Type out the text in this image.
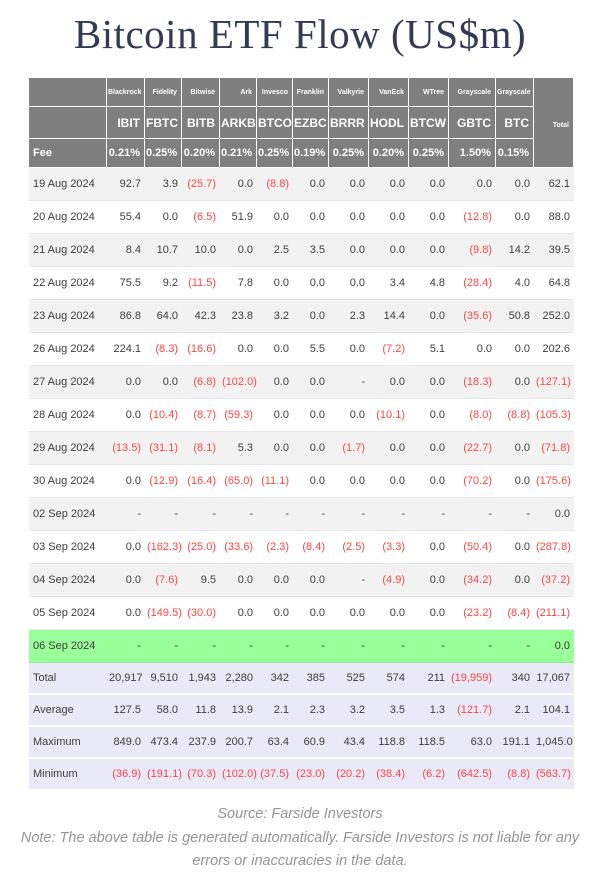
Bitcoin ETF Flow (US$m)
	Blackrock	Fidelity	Bitwise	Ark	Invesco	Franklin	Valkyrie	VanEck	WTree	Grayscale	Grayscale	Total
	IBIT	FBTC	BITB	ARKB	BTCO	EZBC	BRRR	HODL	BTCW	GBTC	BTC	
Fee	0.21%	0.25%	0.20%	0.21%	0.25%	0.19%	0.25%	0.20%	0.25%	1.50%	0.15%	
19 Aug 2024	92.7	3.9	(25.7)	0.0	(8.8)	0.0	0.0	0.0	0.0	0.0	0.0	62.1
20 Aug 2024	55.4	0.0	(6.5)	51.9	0.0	0.0	0.0	0.0	0.0	(12.8)	0.0	88.0
21 Aug 2024	8.4	10.7	10.0	0.0	2.5	3.5	0.0	0.0	0.0	(9.8)	14.2	39.5
22 Aug 2024	75.5	9.2	(11.5)	7.8	0.0	0.0	0.0	3.4	4.8	(28.4)	4.0	64.8
23 Aug 2024	86.8	64.0	42.3	23.8	3.2	0.0	2.3	14.4	0.0	(35.6)	50.8	252.0
26 Aug 2024	224.1	(8.3)	(16.6)	0.0	0.0	5.5	0.0	(7.2)	5.1	0.0	0.0	202.6
27 Aug 2024	0.0	0.0	(6.8)	(102.0)	0.0	0.0	-	0.0	0.0	(18.3)	0.0	(127.1)
28 Aug 2024	0.0	(10.4)	(8.7)	(59.3)	0.0	0.0	0.0	(10.1)	0.0	(8.0)	(8.8)	(105.3)
29 Aug 2024	(13.5)	(31.1)	(8.1)	5.3	0.0	0.0	(1.7)	0.0	0.0	(22.7)	0.0	(71.8)
30 Aug 2024	0.0	(12.9)	(16.4)	(65.0)	(11.1)	0.0	0.0	0.0	0.0	(70.2)	0.0	(175.6)
02 Sep 2024	-	-	-	-	-	-	-	-	-	-	-	0.0
03 Sep 2024	0.0	(162.3)	(25.0)	(33.6)	(2.3)	(8.4)	(2.5)	(3.3)	0.0	(50.4)	0.0	(287.8)
04 Sep 2024	0.0	(7.6)	9.5	0.0	0.0	0.0	-	(4.9)	0.0	(34.2)	0.0	(37.2)
05 Sep 2024	0.0	(149.5)	(30.0)	0.0	0.0	0.0	0.0	0.0	0.0	(23.2)	(8.4)	(211.1)
06 Sep 2024	-	-	-	-	-	-	-	-	-	-	-	0.0
Total	20,917	9,510	1,943	2,280	342	385	525	574	211	(19,959)	340	17,067
Average	127.5	58.0	11.8	13.9	2.1	2.3	3.2	3.5	1.3	(121.7)	2.1	104.1
Maximum	849.0	473.4	237.9	200.7	63.4	60.9	43.4	118.8	118.5	63.0	191.1	1,045.0
Minimum	(36.9)	(191.1)	(70.3)	(102.0)	(37.5)	(23.0)	(20.2)	(38.4)	(6.2)	(642.5)	(8.8)	(563.7)
Source: Farside Investors
Note: The above table is generated automatically. Farside Investors is not liable for any errors or inaccuracies in the data.
